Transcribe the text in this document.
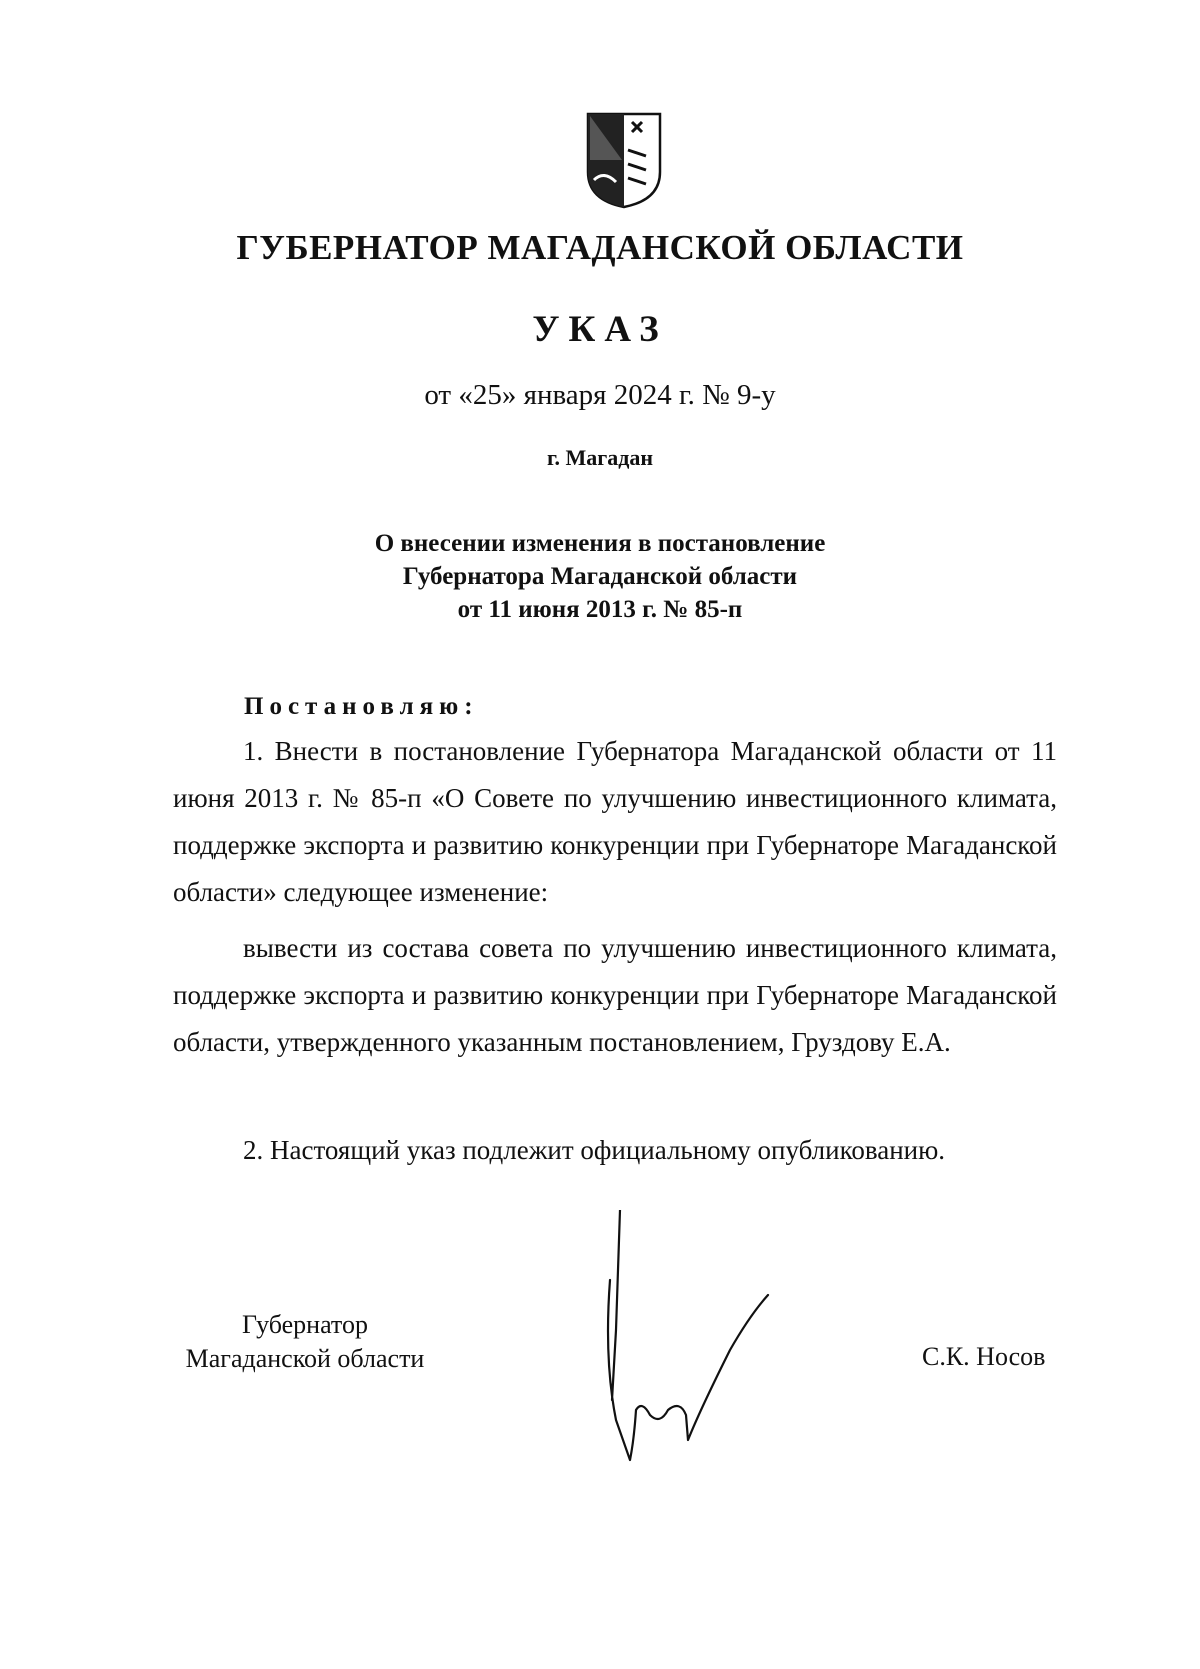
ГУБЕРНАТОР МАГАДАНСКОЙ ОБЛАСТИ
УКАЗ
от «25» января 2024 г. № 9-у
г. Магадан
О внесении изменения в постановление
Губернатора Магаданской области
от 11 июня 2013 г. № 85-п
Постановляю:

1. Внести в постановление Губернатора Магаданской области от 11 июня 2013 г. № 85-п «О Совете по улучшению инвестиционного климата, поддержке экспорта и развитию конкуренции при Губернаторе Магаданской области» следующее изменение:

вывести из состава совета по улучшению инвестиционного климата, поддержке экспорта и развитию конкуренции при Губернаторе Магаданской области, утвержденного указанным постановлением, Груздову Е.А.

2. Настоящий указ подлежит официальному опубликованию.

Губернатор
Магаданской области	С.К. Носов
